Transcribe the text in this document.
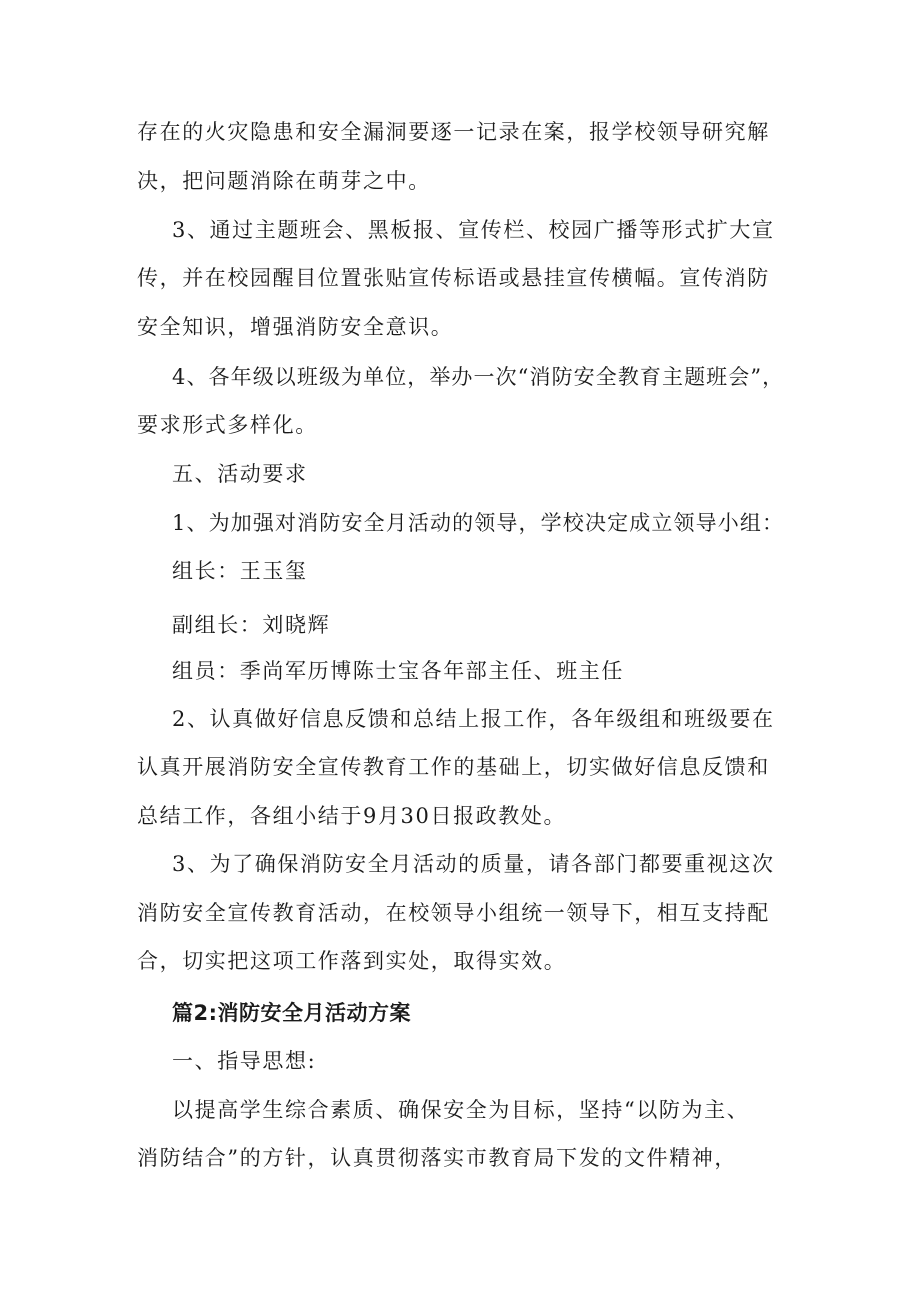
存在的火灾隐患和安全漏洞要逐一记录在案，报学校领导研究解
决，把问题消除在萌芽之中。
3、通过主题班会、黑板报、宣传栏、校园广播等形式扩大宣
传，并在校园醒目位置张贴宣传标语或悬挂宣传横幅。宣传消防
安全知识，增强消防安全意识。
4、各年级以班级为单位，举办一次“消防安全教育主题班会”，
要求形式多样化。
五、活动要求
1、为加强对消防安全月活动的领导，学校决定成立领导小组：
组长：王玉玺
副组长：刘晓辉
组员：季尚军历博陈士宝各年部主任、班主任
2、认真做好信息反馈和总结上报工作，各年级组和班级要在
认真开展消防安全宣传教育工作的基础上，切实做好信息反馈和
总结工作，各组小结于9月30日报政教处。
3、为了确保消防安全月活动的质量，请各部门都要重视这次
消防安全宣传教育活动，在校领导小组统一领导下，相互支持配
合，切实把这项工作落到实处，取得实效。
篇2:消防安全月活动方案
一、指导思想:
以提高学生综合素质、确保安全为目标，坚持“以防为主、
消防结合”的方针，认真贯彻落实市教育局下发的文件精神，
